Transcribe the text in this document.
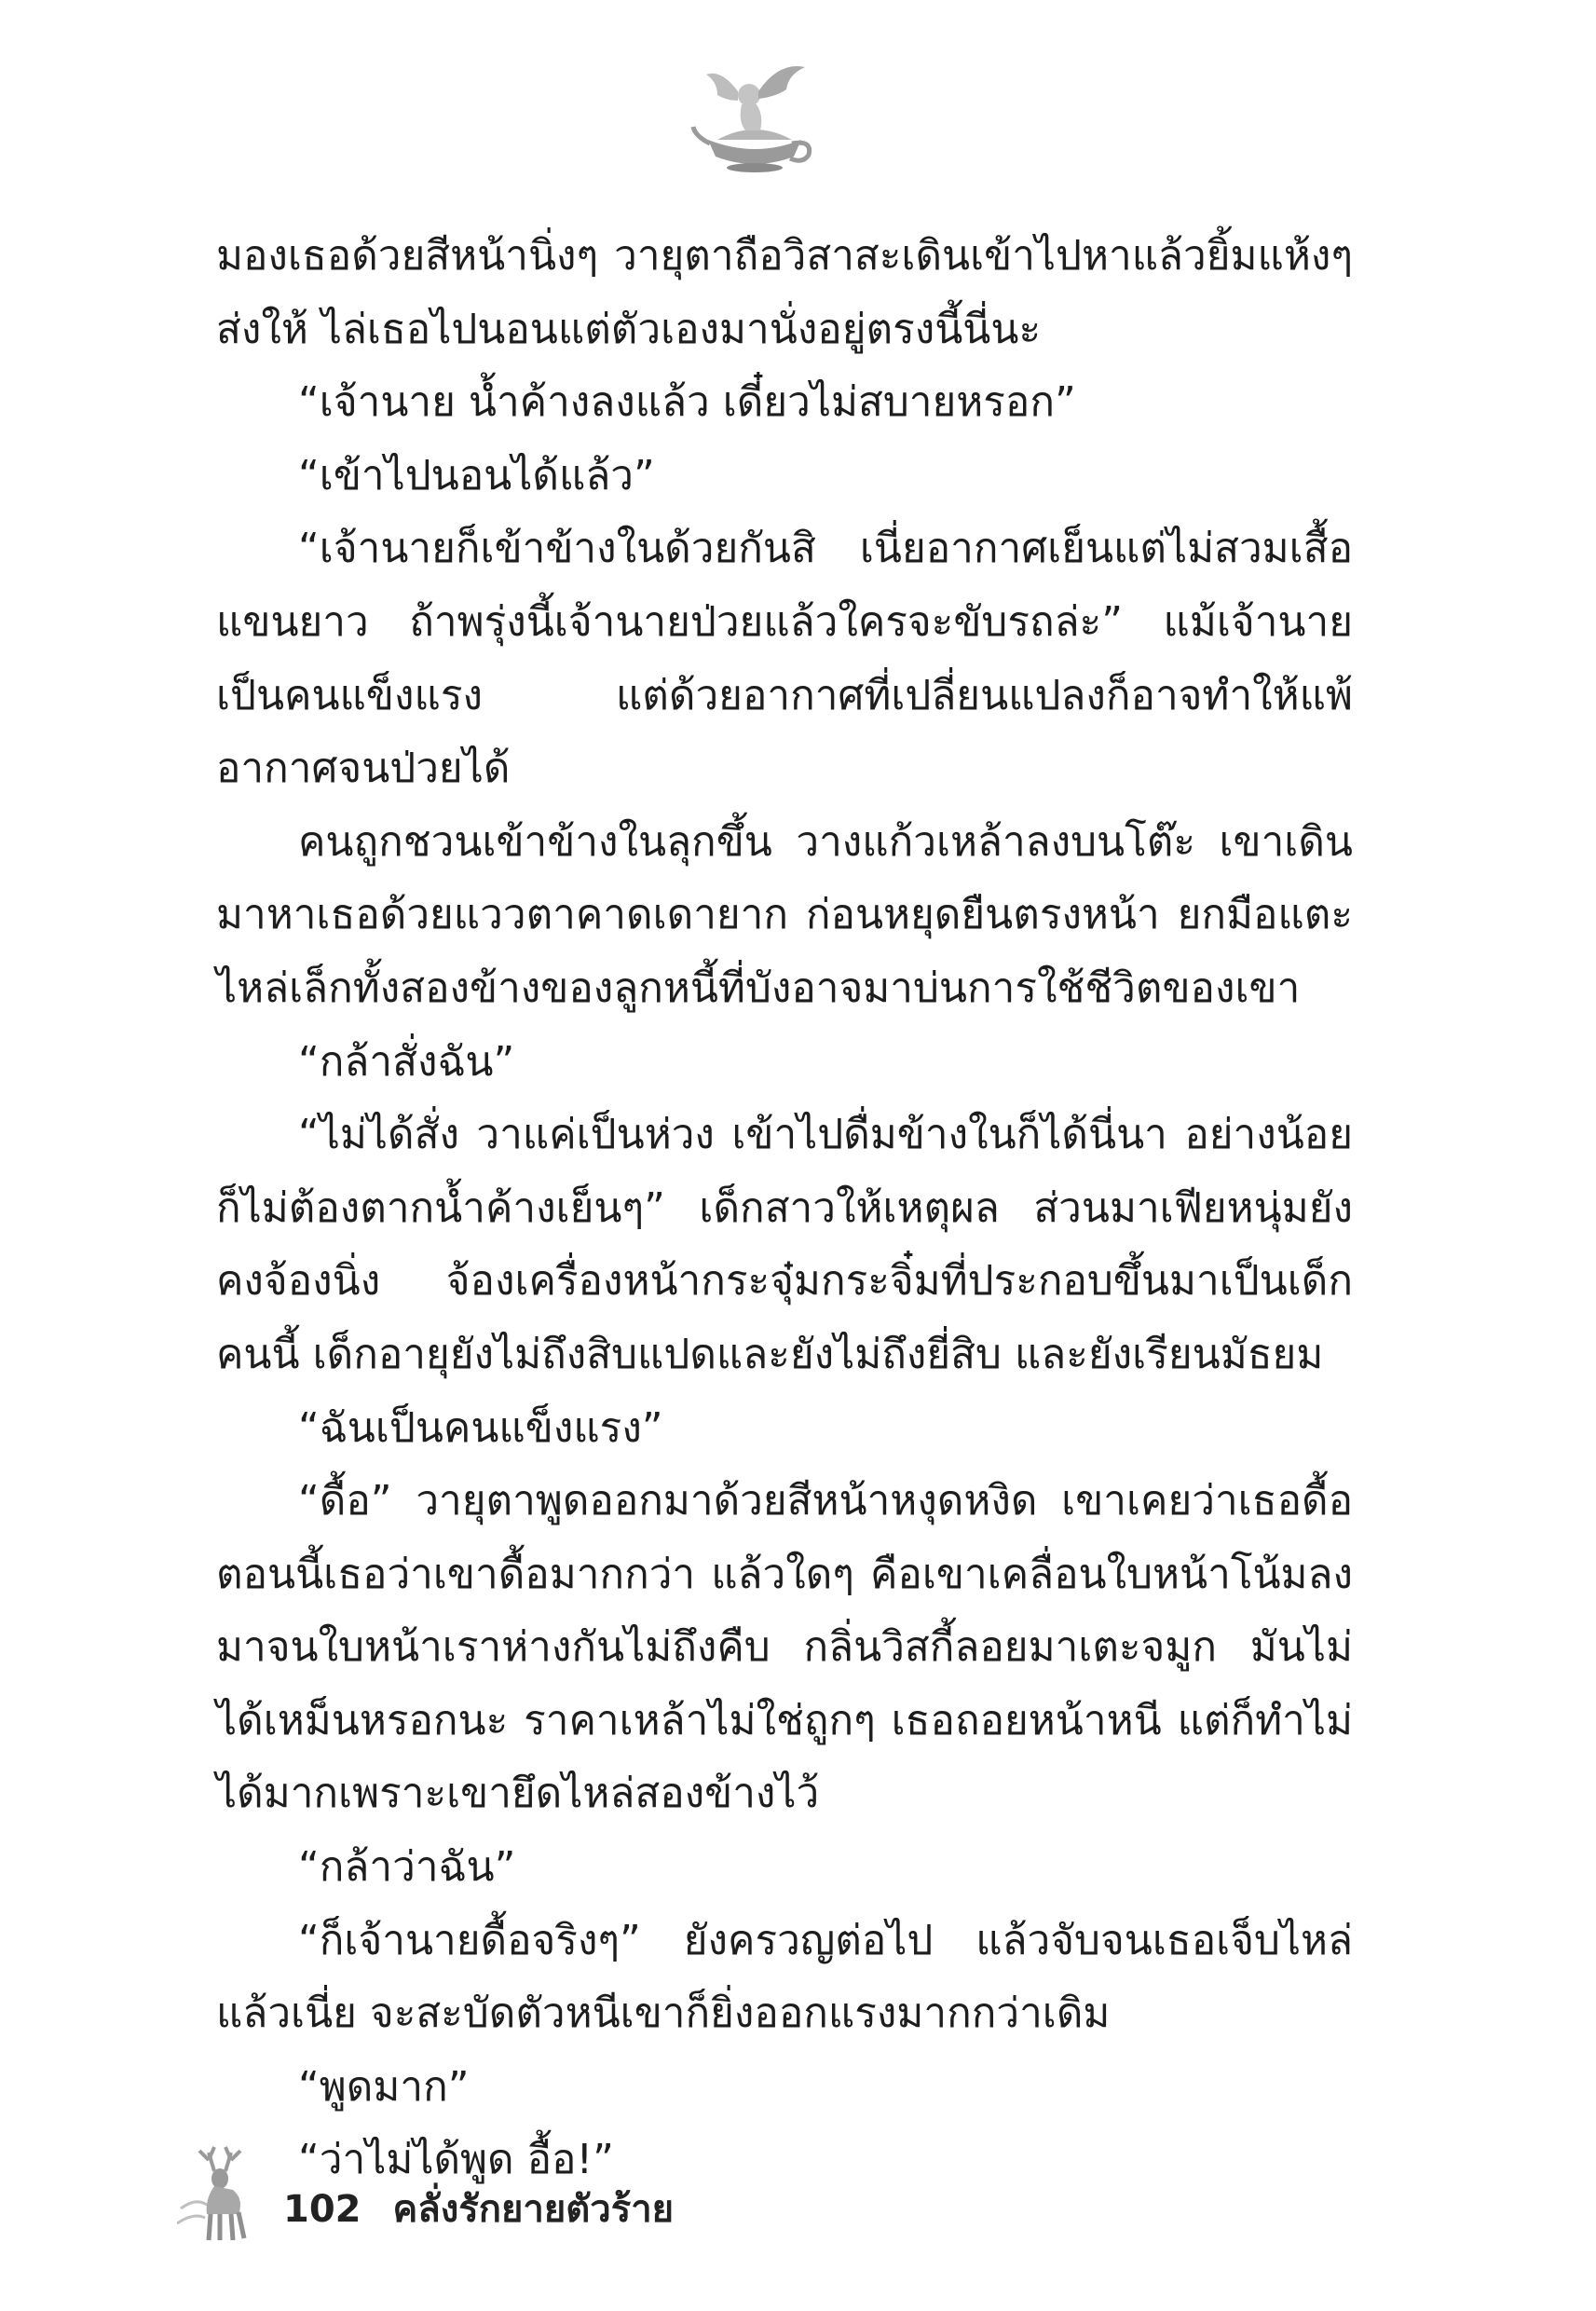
มองเธอด้วยสีหน้านิ่งๆ วายุตาถือวิสาสะเดินเข้าไปหาแล้วยิ้มแห้งๆ ส่งให้ ไล่เธอไปนอนแต่ตัวเองมานั่งอยู่ตรงนี้นี่นะ

“เจ้านาย น้ำค้างลงแล้ว เดี๋ยวไม่สบายหรอก”

“เข้าไปนอนได้แล้ว”

“เจ้านายก็เข้าข้างในด้วยกันสิ เนี่ยอากาศเย็นแต่ไม่สวมเสื้อแขนยาว ถ้าพรุ่งนี้เจ้านายป่วยแล้วใครจะขับรถล่ะ” แม้เจ้านายเป็นคนแข็งแรง แต่ด้วยอากาศที่เปลี่ยนแปลงก็อาจทำให้แพ้อากาศจนป่วยได้

คนถูกชวนเข้าข้างในลุกขึ้น วางแก้วเหล้าลงบนโต๊ะ เขาเดินมาหาเธอด้วยแววตาคาดเดายาก ก่อนหยุดยืนตรงหน้า ยกมือแตะไหล่เล็กทั้งสองข้างของลูกหนี้ที่บังอาจมาบ่นการใช้ชีวิตของเขา

“กล้าสั่งฉัน”

“ไม่ได้สั่ง วาแค่เป็นห่วง เข้าไปดื่มข้างในก็ได้นี่นา อย่างน้อยก็ไม่ต้องตากน้ำค้างเย็นๆ” เด็กสาวให้เหตุผล ส่วนมาเฟียหนุ่มยังคงจ้องนิ่ง จ้องเครื่องหน้ากระจุ๋มกระจิ๋มที่ประกอบขึ้นมาเป็นเด็กคนนี้ เด็กอายุยังไม่ถึงสิบแปดและยังไม่ถึงยี่สิบ และยังเรียนมัธยม

“ฉันเป็นคนแข็งแรง”

“ดื้อ” วายุตาพูดออกมาด้วยสีหน้าหงุดหงิด เขาเคยว่าเธอดื้อ ตอนนี้เธอว่าเขาดื้อมากกว่า แล้วใดๆ คือเขาเคลื่อนใบหน้าโน้มลงมาจนใบหน้าเราห่างกันไม่ถึงคืบ กลิ่นวิสกี้ลอยมาเตะจมูก มันไม่ได้เหม็นหรอกนะ ราคาเหล้าไม่ใช่ถูกๆ เธอถอยหน้าหนี แต่ก็ทำไม่ได้มากเพราะเขายึดไหล่สองข้างไว้

“กล้าว่าฉัน”

“ก็เจ้านายดื้อจริงๆ” ยังครวญต่อไป แล้วจับจนเธอเจ็บไหล่แล้วเนี่ย จะสะบัดตัวหนีเขาก็ยิ่งออกแรงมากกว่าเดิม

“พูดมาก”

“ว่าไม่ได้พูด อื้อ!”

102 คลั่งรักยายตัวร้าย
